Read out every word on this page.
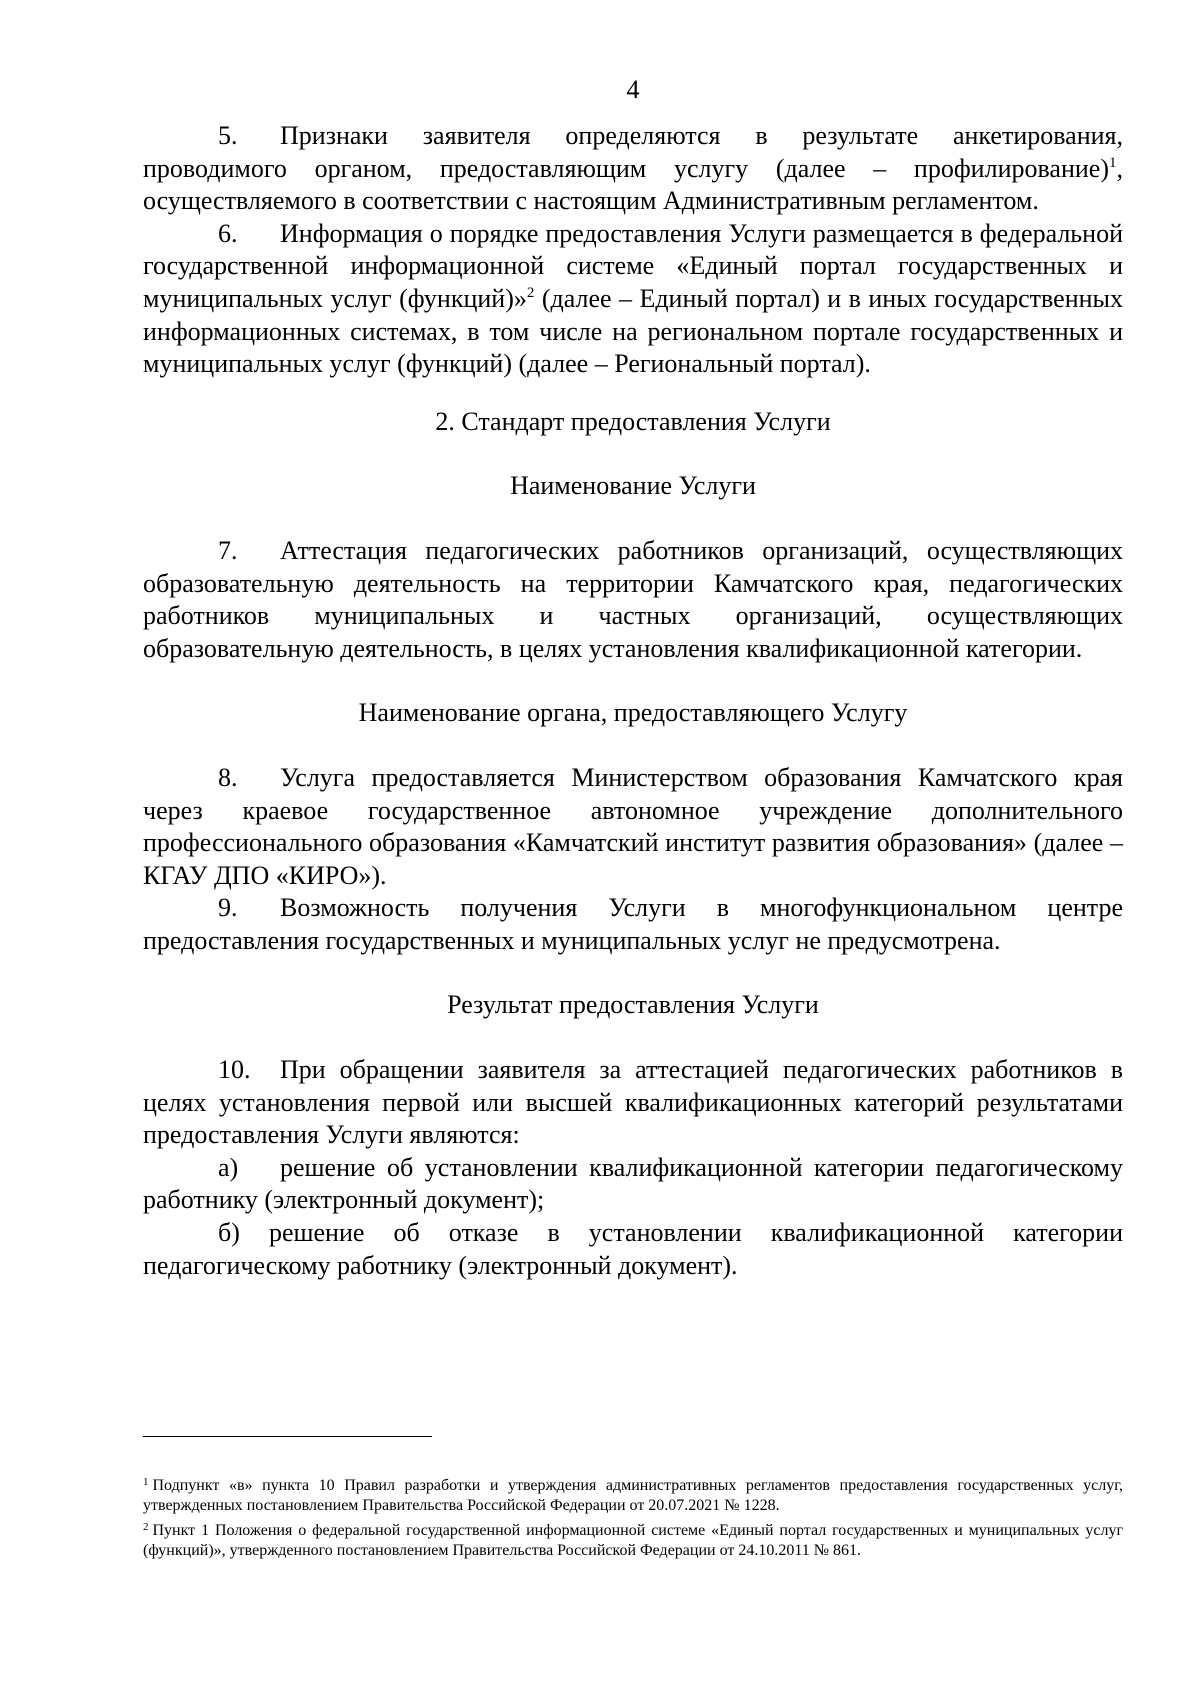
4

5. Признаки заявителя определяются в результате анкетирования, проводимого органом, предоставляющим услугу (далее – профилирование)$^1$, осуществляемого в соответствии с настоящим Административным регламентом.

6. Информация о порядке предоставления Услуги размещается в федеральной государственной информационной системе «Единый портал государственных и муниципальных услуг (функций)»$^2$ (далее – Единый портал) и в иных государственных информационных системах, в том числе на региональном портале государственных и муниципальных услуг (функций) (далее – Региональный портал).

2. Стандарт предоставления Услуги
Наименование Услуги

7. Аттестация педагогических работников организаций, осуществляющих образовательную деятельность на территории Камчатского края, педагогических работников муниципальных и частных организаций, осуществляющих образовательную деятельность, в целях установления квалификационной категории.

Наименование органа, предоставляющего Услугу

8. Услуга предоставляется Министерством образования Камчатского края через краевое государственное автономное учреждение дополнительного профессионального образования «Камчатский институт развития образования» (далее – КГАУ ДПО «КИРО»).

9. Возможность получения Услуги в многофункциональном центре предоставления государственных и муниципальных услуг не предусмотрена.

Результат предоставления Услуги

10. При обращении заявителя за аттестацией педагогических работников в целях установления первой или высшей квалификационных категорий результатами предоставления Услуги являются:

а) решение об установлении квалификационной категории педагогическому работнику (электронный документ);

б) решение об отказе в установлении квалификационной категории педагогическому работнику (электронный документ).

$^1$ Подпункт «в» пункта 10 Правил разработки и утверждения административных регламентов предоставления государственных услуг, утвержденных постановлением Правительства Российской Федерации от 20.07.2021 № 1228.

$^2$ Пункт 1 Положения о федеральной государственной информационной системе «Единый портал государственных и муниципальных услуг (функций)», утвержденного постановлением Правительства Российской Федерации от 24.10.2011 № 861.
